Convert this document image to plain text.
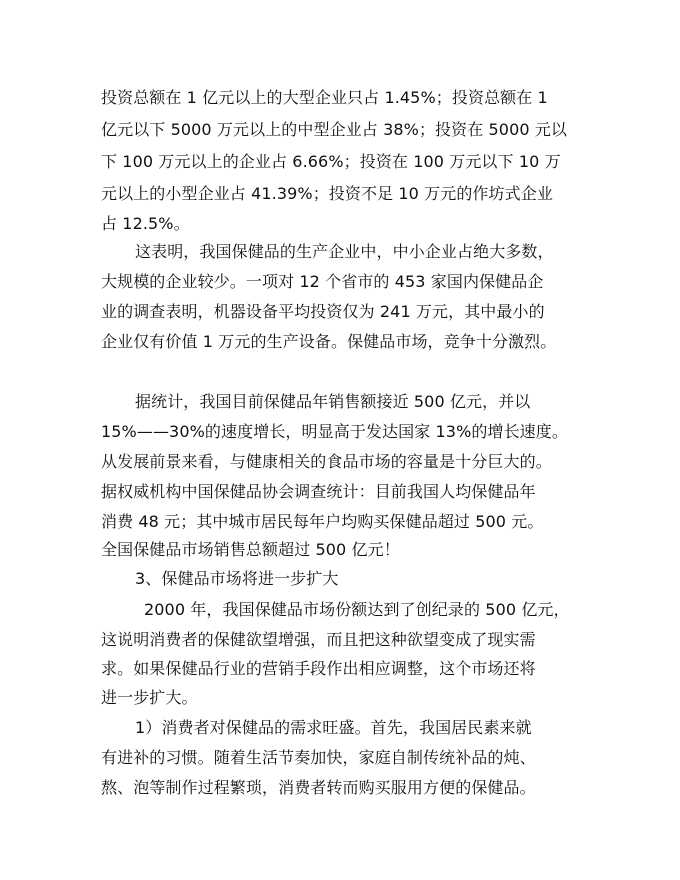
投资总额在 1 亿元以上的大型企业只占 1.45%；投资总额在 1

亿元以下 5000 万元以上的中型企业占 38%；投资在 5000 元以

下 100 万元以上的企业占 6.66%；投资在 100 万元以下 10 万

元以上的小型企业占 41.39%；投资不足 10 万元的作坊式企业

占 12.5%。

这表明，我国保健品的生产企业中，中小企业占绝大多数，

大规模的企业较少。一项对 12 个省市的 453 家国内保健品企

业的调查表明，机器设备平均投资仅为 241 万元，其中最小的

企业仅有价值 1 万元的生产设备。保健品市场，竞争十分激烈。

据统计，我国目前保健品年销售额接近 500 亿元，并以

15%——30%的速度增长，明显高于发达国家 13%的增长速度。

从发展前景来看，与健康相关的食品市场的容量是十分巨大的。

据权威机构中国保健品协会调查统计：目前我国人均保健品年

消费 48 元；其中城市居民每年户均购买保健品超过 500 元。

全国保健品市场销售总额超过 500 亿元！

3、保健品市场将进一步扩大

2000 年，我国保健品市场份额达到了创纪录的 500 亿元，

这说明消费者的保健欲望增强，而且把这种欲望变成了现实需

求。如果保健品行业的营销手段作出相应调整，这个市场还将

进一步扩大。

1）消费者对保健品的需求旺盛。首先，我国居民素来就

有进补的习惯。随着生活节奏加快，家庭自制传统补品的炖、

熬、泡等制作过程繁琐，消费者转而购买服用方便的保健品。
